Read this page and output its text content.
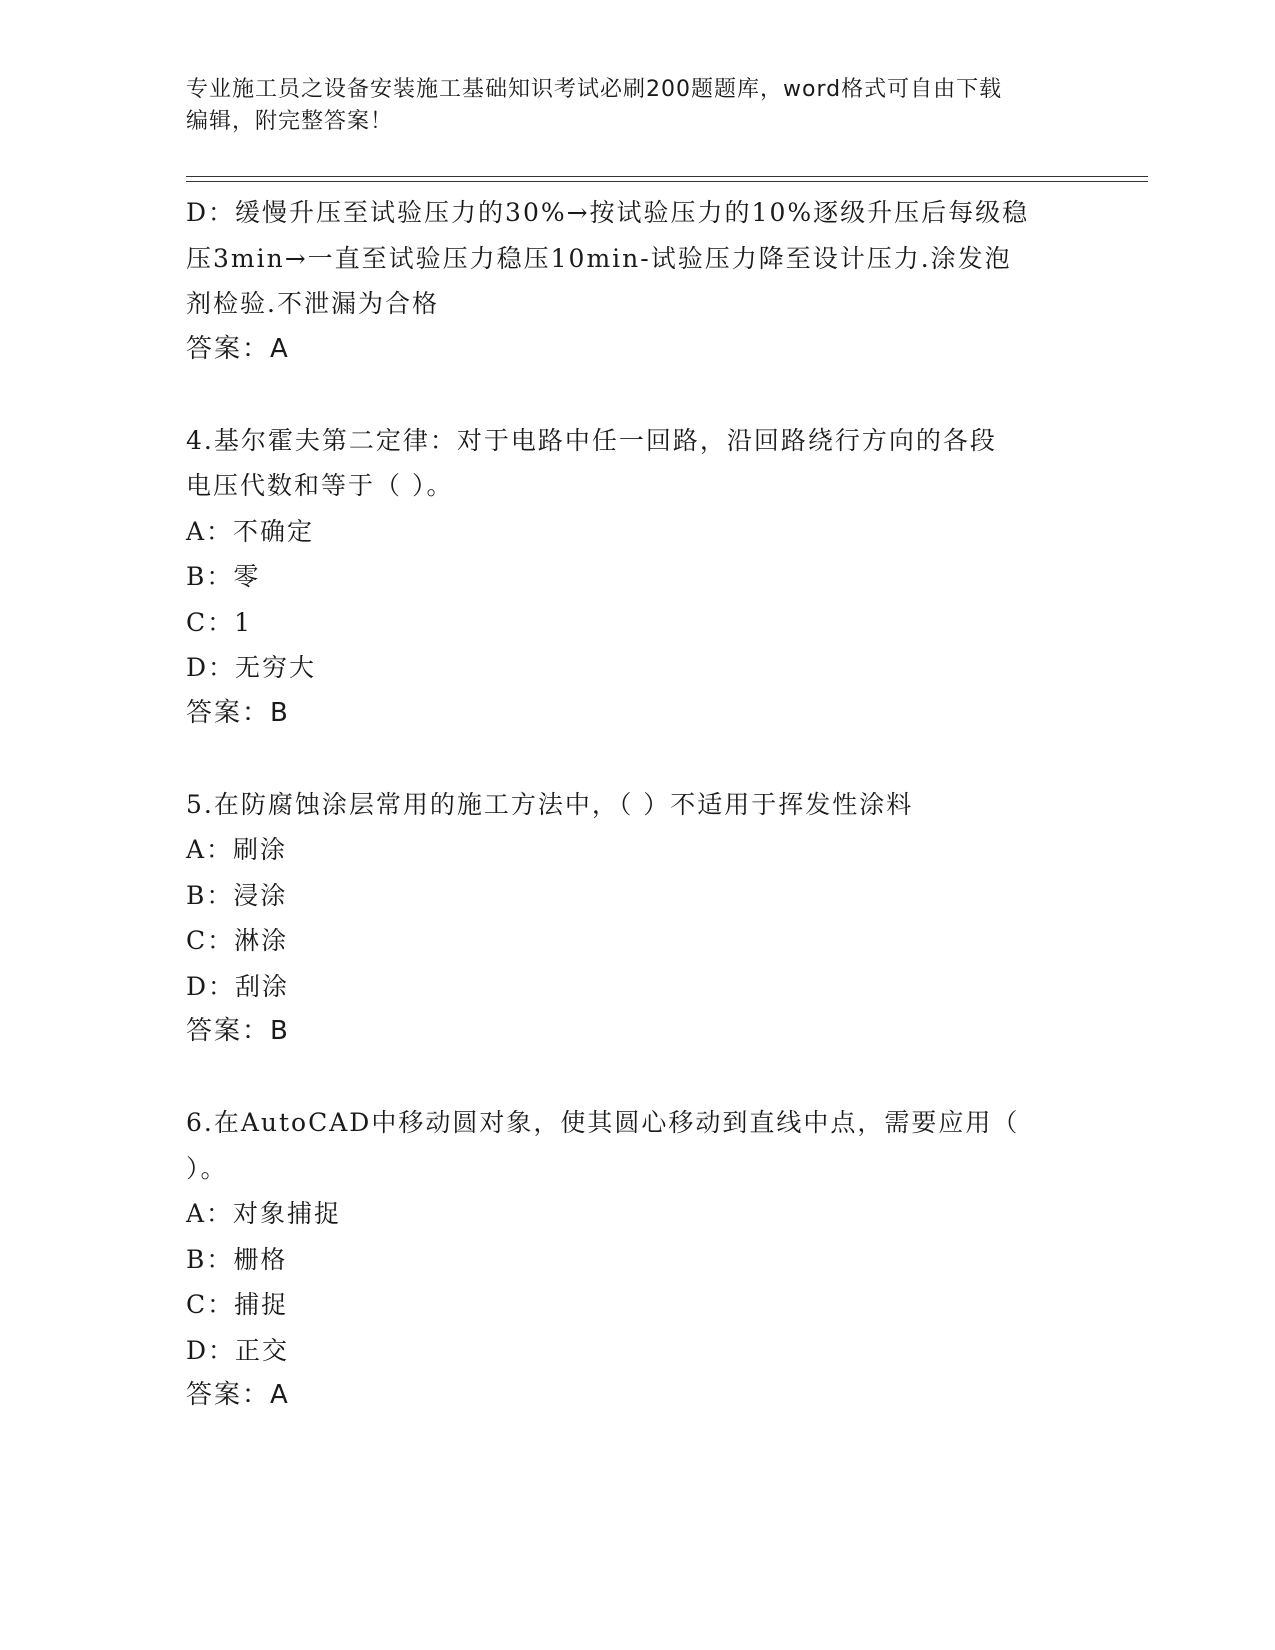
专业施工员之设备安装施工基础知识考试必刷200题题库，word格式可自由下载
编辑，附完整答案！
D：缓慢升压至试验压力的30%→按试验压力的10%逐级升压后每级稳
压3min→一直至试验压力稳压10min-试验压力降至设计压力.涂发泡
剂检验.不泄漏为合格
答案：A
4.基尔霍夫第二定律：对于电路中任一回路，沿回路绕行方向的各段
电压代数和等于（ ）。
A：不确定
B：零
C：1
D：无穷大
答案：B
5.在防腐蚀涂层常用的施工方法中，（ ）不适用于挥发性涂料
A：刷涂
B：浸涂
C：淋涂
D：刮涂
答案：B
6.在AutoCAD中移动圆对象，使其圆心移动到直线中点，需要应用（
）。
A：对象捕捉
B：栅格
C：捕捉
D：正交
答案：A
